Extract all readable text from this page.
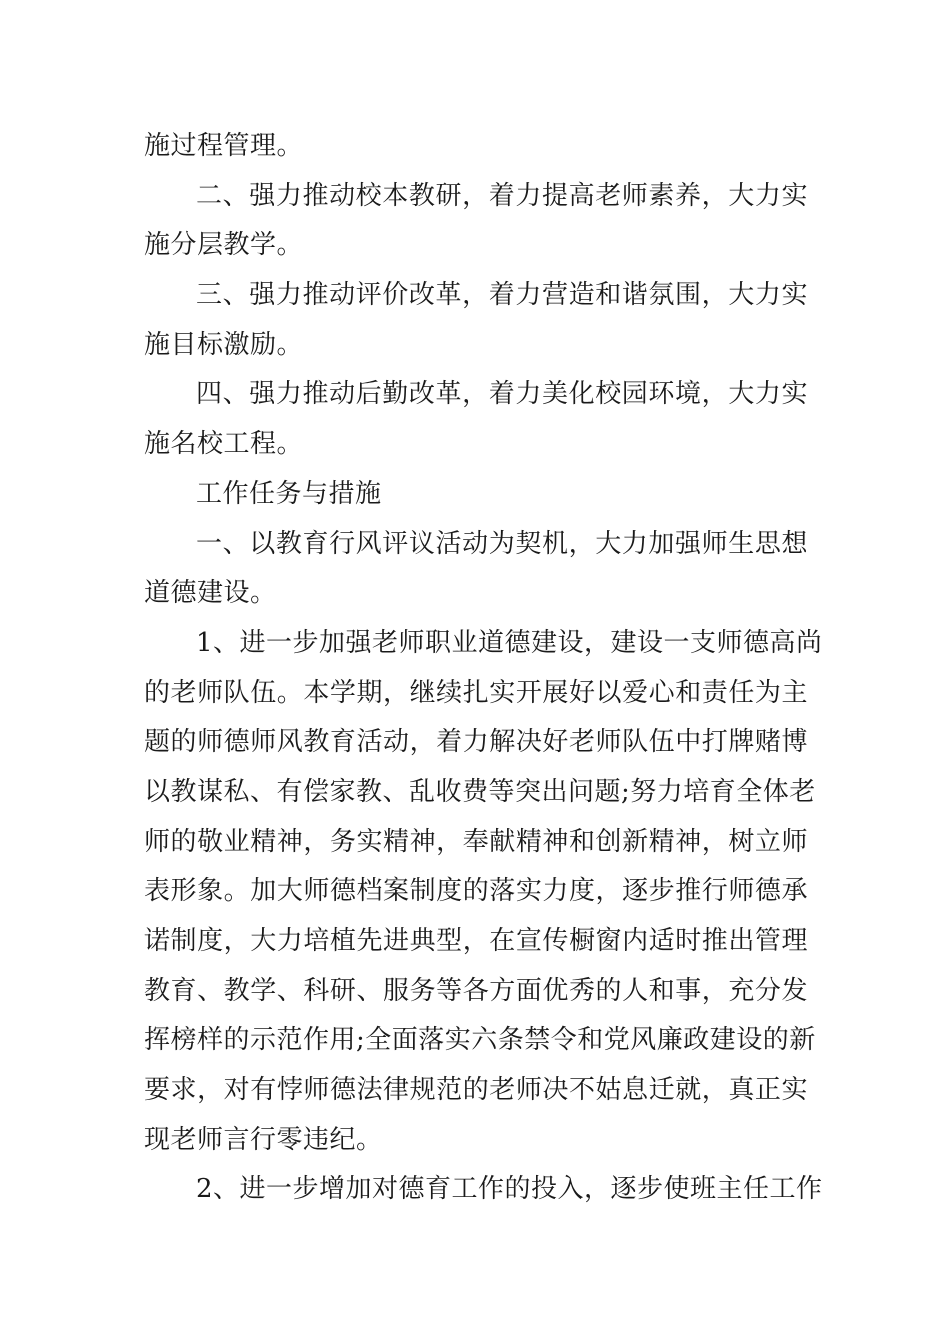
施过程管理。
二、强力推动校本教研，着力提高老师素养，大力实
施分层教学。
三、强力推动评价改革，着力营造和谐氛围，大力实
施目标激励。
四、强力推动后勤改革，着力美化校园环境，大力实
施名校工程。
工作任务与措施
一、以教育行风评议活动为契机，大力加强师生思想
道德建设。
1、进一步加强老师职业道德建设，建设一支师德高尚
的老师队伍。本学期，继续扎实开展好以爱心和责任为主
题的师德师风教育活动，着力解决好老师队伍中打牌赌博
以教谋私、有偿家教、乱收费等突出问题;努力培育全体老
师的敬业精神，务实精神，奉献精神和创新精神，树立师
表形象。加大师德档案制度的落实力度，逐步推行师德承
诺制度，大力培植先进典型，在宣传橱窗内适时推出管理
教育、教学、科研、服务等各方面优秀的人和事，充分发
挥榜样的示范作用;全面落实六条禁令和党风廉政建设的新
要求，对有悖师德法律规范的老师决不姑息迁就，真正实
现老师言行零违纪。
2、进一步增加对德育工作的投入，逐步使班主任工作
